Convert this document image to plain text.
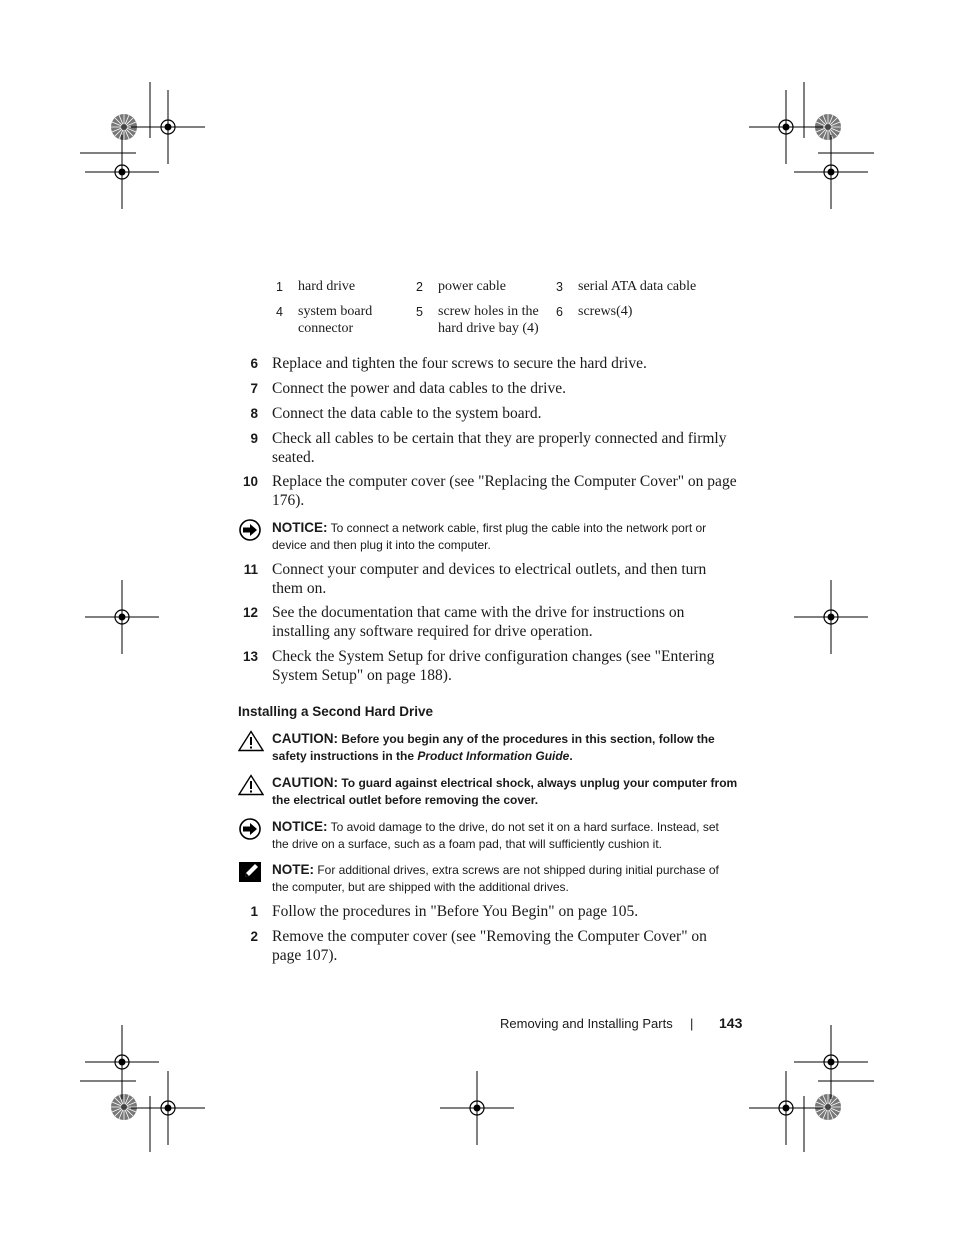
1	hard drive	2	power cable	3	serial ATA data cable

4	system board connector	5	screw holes in the hard drive bay (4)	6	screws(4)
6 Replace and tighten the four screws to secure the hard drive.
7 Connect the power and data cables to the drive.
8 Connect the data cable to the system board.
9 Check all cables to be certain that they are properly connected and firmly seated.
10 Replace the computer cover (see "Replacing the Computer Cover" on page 176).
NOTICE: To connect a network cable, first plug the cable into the network port or device and then plug it into the computer.
11 Connect your computer and devices to electrical outlets, and then turn them on.
12 See the documentation that came with the drive for instructions on installing any software required for drive operation.
13 Check the System Setup for drive configuration changes (see "Entering System Setup" on page 188).
Installing a Second Hard Drive
CAUTION: Before you begin any of the procedures in this section, follow the safety instructions in the Product Information Guide.
CAUTION: To guard against electrical shock, always unplug your computer from the electrical outlet before removing the cover.
NOTICE: To avoid damage to the drive, do not set it on a hard surface. Instead, set the drive on a surface, such as a foam pad, that will sufficiently cushion it.
NOTE: For additional drives, extra screws are not shipped during initial purchase of the computer, but are shipped with the additional drives.
1 Follow the procedures in "Before You Begin" on page 105.
2 Remove the computer cover (see "Removing the Computer Cover" on page 107).
Removing and Installing Parts | 143
